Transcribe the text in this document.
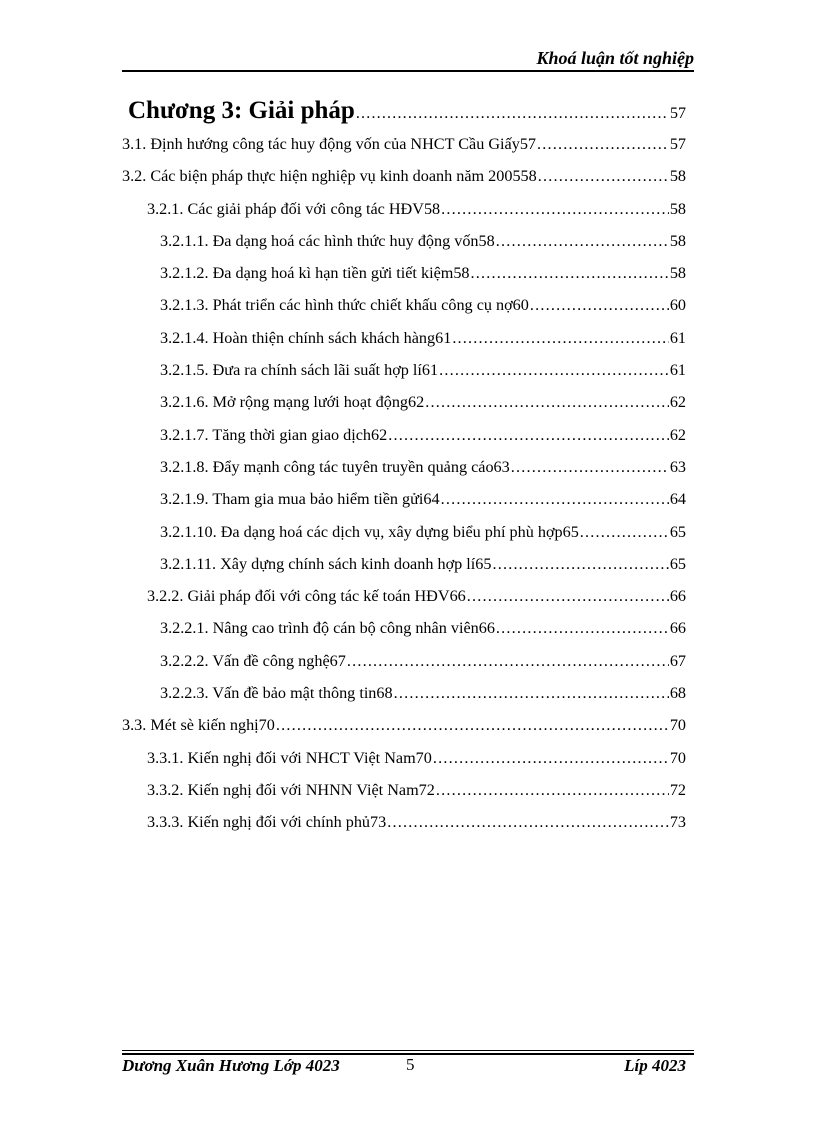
Khoá luận tốt nghiệp
Chương 3: Giải pháp .....	57
3.1. Định hướng công tác huy động vốn của NHCT Cầu Giấy57 .....	57
3.2. Các biện pháp thực hiện nghiệp vụ kinh doanh năm 200558 .....	58
3.2.1. Các giải pháp đối với công tác HĐV58 .....	58
3.2.1.1. Đa dạng hoá các hình thức huy động vốn58 .....	58
3.2.1.2. Đa dạng hoá kì hạn tiền gửi tiết kiệm58 .....	58
3.2.1.3. Phát triển các hình thức chiết khấu công cụ nợ60 .....	60
3.2.1.4. Hoàn thiện chính sách khách hàng61 .....	61
3.2.1.5. Đưa ra chính sách lãi suất hợp lí61 .....	61
3.2.1.6. Mở rộng mạng lưới hoạt động62 .....	62
3.2.1.7. Tăng thời gian giao dịch62 .....	62
3.2.1.8. Đẩy mạnh công tác tuyên truyền quảng cáo63 .....	63
3.2.1.9. Tham gia mua bảo hiểm tiền gửi64 .....	64
3.2.1.10. Đa dạng hoá các dịch vụ, xây dựng biểu phí phù hợp65 .....	65
3.2.1.11. Xây dựng chính sách kinh doanh hợp lí65 .....	65
3.2.2. Giải pháp đối với công tác kế toán HĐV66 .....	66
3.2.2.1. Nâng cao trình độ cán bộ công nhân viên66 .....	66
3.2.2.2. Vấn đề công nghệ67 .....	67
3.2.2.3. Vấn đề bảo mật thông tin68 .....	68
3.3. Mét sè kiến nghị70 .....	70
3.3.1. Kiến nghị đối với NHCT Việt Nam70 .....	70
3.3.2. Kiến nghị đối với NHNN Việt Nam72 .....	72
3.3.3. Kiến nghị đối với chính phủ73 .....	73
Dương Xuân Hương Lớp 4023	5	Líp 4023
